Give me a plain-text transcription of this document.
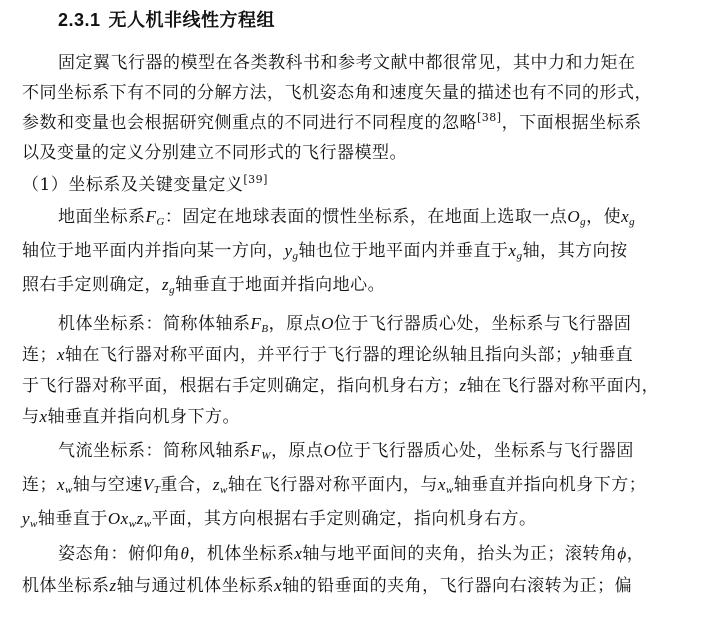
2.3.1 无人机非线性方程组
固定翼飞行器的模型在各类教科书和参考文献中都很常见，其中力和力矩在
不同坐标系下有不同的分解方法，飞机姿态角和速度矢量的描述也有不同的形式，
参数和变量也会根据研究侧重点的不同进行不同程度的忽略[38]，下面根据坐标系
以及变量的定义分别建立不同形式的飞行器模型。
（1）坐标系及关键变量定义[39]
地面坐标系$F_G$：固定在地球表面的惯性坐标系，在地面上选取一点$O_g$，使$x_g$
轴位于地平面内并指向某一方向，$y_g$轴也位于地平面内并垂直于$x_g$轴，其方向按
照右手定则确定，$z_g$轴垂直于地面并指向地心。
机体坐标系：简称体轴系$F_B$，原点O位于飞行器质心处，坐标系与飞行器固
连；x轴在飞行器对称平面内，并平行于飞行器的理论纵轴且指向头部；y轴垂直
于飞行器对称平面，根据右手定则确定，指向机身右方；z轴在飞行器对称平面内，
与x轴垂直并指向机身下方。
气流坐标系：简称风轴系$F_W$，原点O位于飞行器质心处，坐标系与飞行器固
连；$x_w$轴与空速$V_T$重合，$z_w$轴在飞行器对称平面内，与$x_w$轴垂直并指向机身下方；
$y_w$轴垂直于$Ox_wz_w$平面，其方向根据右手定则确定，指向机身右方。
姿态角：俯仰角θ，机体坐标系x轴与地平面间的夹角，抬头为正；滚转角ϕ，
机体坐标系z轴与通过机体坐标系x轴的铅垂面的夹角，飞行器向右滚转为正；偏
